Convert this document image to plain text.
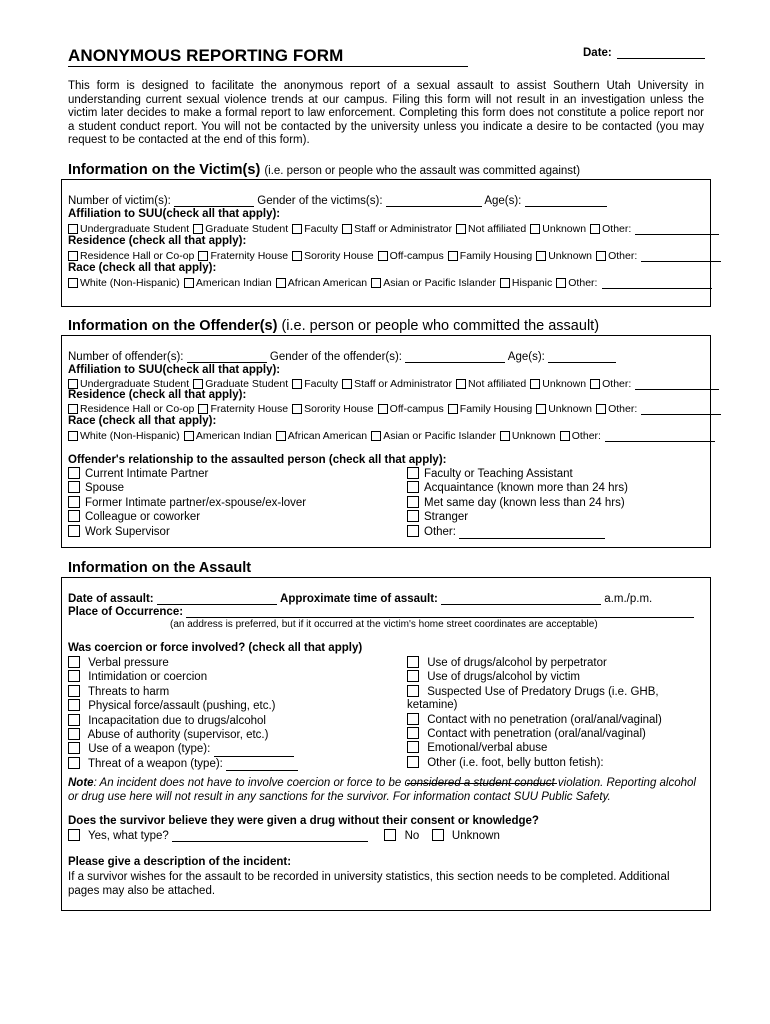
ANONYMOUS REPORTING FORM	Date:
This form is designed to facilitate the anonymous report of a sexual assault to assist Southern Utah University in understanding current sexual violence trends at our campus. Filing this form will not result in an investigation unless the victim later decides to make a formal report to law enforcement. Completing this form does not constitute a police report nor a student conduct report. You will not be contacted by the university unless you indicate a desire to be contacted (you may request to be contacted at the end of this form).
Information on the Victim(s) (i.e. person or people who the assault was committed against)
Number of victim(s):	Gender of the victims(s):	Age(s):
Affiliation to SUU(check all that apply):
Undergraduate Student Graduate Student Faculty Staff or Administrator Not affiliated Unknown Other:
Residence (check all that apply):
Residence Hall or Co-op Fraternity House Sorority House Off-campus Family Housing Unknown Other:
Race (check all that apply):
White (Non-Hispanic) American Indian African American Asian or Pacific Islander Hispanic Other:
Information on the Offender(s) (i.e. person or people who committed the assault)
Number of offender(s):	Gender of the offender(s):	Age(s):
Affiliation to SUU(check all that apply):
Undergraduate Student Graduate Student Faculty Staff or Administrator Not affiliated Unknown Other:
Residence (check all that apply):
Residence Hall or Co-op Fraternity House Sorority House Off-campus Family Housing Unknown Other:
Race (check all that apply):
White (Non-Hispanic) American Indian African American Asian or Pacific Islander Unknown Other:
Offender's relationship to the assaulted person (check all that apply):
Current Intimate Partner
Spouse
Former Intimate partner/ex-spouse/ex-lover
Colleague or coworker
Work Supervisor
Faculty or Teaching Assistant
Acquaintance (known more than 24 hrs)
Met same day (known less than 24 hrs)
Stranger
Other:
Information on the Assault
Date of assault:	Approximate time of assault:	a.m./p.m.
Place of Occurrence:
(an address is preferred, but if it occurred at the victim's home street coordinates are acceptable)
Was coercion or force involved? (check all that apply)
Verbal pressure
Intimidation or coercion
Threats to harm
Physical force/assault (pushing, etc.)
Incapacitation due to drugs/alcohol
Abuse of authority (supervisor, etc.)
Use of a weapon (type):
Threat of a weapon (type):
Use of drugs/alcohol by perpetrator
Use of drugs/alcohol by victim
Suspected Use of Predatory Drugs (i.e. GHB,
ketamine)
Contact with no penetration (oral/anal/vaginal)
Contact with penetration (oral/anal/vaginal)
Emotional/verbal abuse
Other (i.e. foot, belly button fetish):
Note: An incident does not have to involve coercion or force to be considered a student conduct violation. Reporting alcohol or drug use here will not result in any sanctions for the survivor. For information contact SUU Public Safety.
Does the survivor believe they were given a drug without their consent or knowledge?
Yes, what type?	No	Unknown
Please give a description of the incident:
If a survivor wishes for the assault to be recorded in university statistics, this section needs to be completed. Additional pages may also be attached.
